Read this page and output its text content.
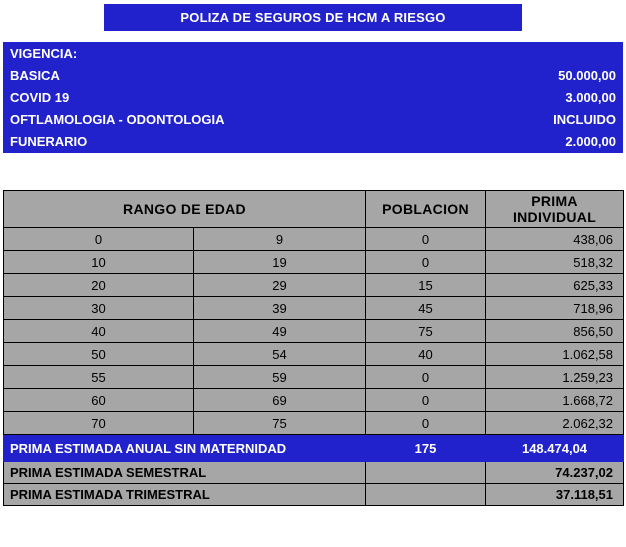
POLIZA DE SEGUROS DE HCM A RIESGO
VIGENCIA:	
BASICA	50.000,00
COVID 19	3.000,00
OFTLAMOLOGIA - ODONTOLOGIA	INCLUIDO
FUNERARIO	2.000,00
RANGO DE EDAD		POBLACION	PRIMA
INDIVIDUAL

0	9	0	438,06
10	19	0	518,32
20	29	15	625,33
30	39	45	718,96
40	49	75	856,50
50	54	40	1.062,58
55	59	0	1.259,23
60	69	0	1.668,72
70	75	0	2.062,32
PRIMA ESTIMADA ANUAL SIN MATERNIDAD		175	148.474,04
PRIMA ESTIMADA SEMESTRAL			74.237,02
PRIMA ESTIMADA TRIMESTRAL			37.118,51
